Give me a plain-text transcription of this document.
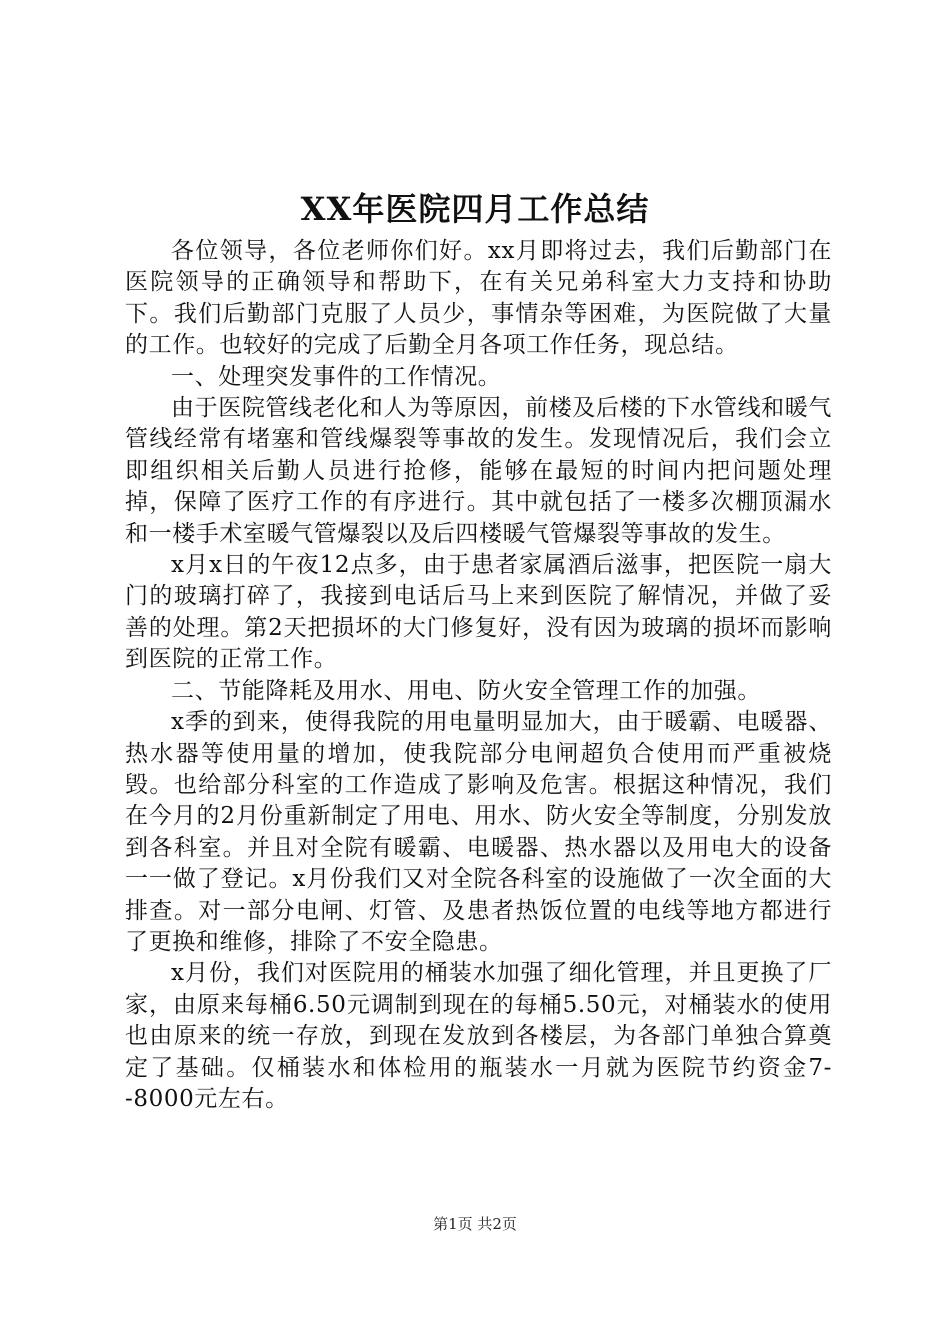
XX年医院四月工作总结

各位领导，各位老师你们好。xx月即将过去，我们后勤部门在医院领导的正确领导和帮助下，在有关兄弟科室大力支持和协助下。我们后勤部门克服了人员少，事情杂等困难，为医院做了大量的工作。也较好的完成了后勤全月各项工作任务，现总结。

一、处理突发事件的工作情况。

由于医院管线老化和人为等原因，前楼及后楼的下水管线和暖气管线经常有堵塞和管线爆裂等事故的发生。发现情况后，我们会立即组织相关后勤人员进行抢修，能够在最短的时间内把问题处理掉，保障了医疗工作的有序进行。其中就包括了一楼多次棚顶漏水和一楼手术室暖气管爆裂以及后四楼暖气管爆裂等事故的发生。

x月x日的午夜12点多，由于患者家属酒后滋事，把医院一扇大门的玻璃打碎了，我接到电话后马上来到医院了解情况，并做了妥善的处理。第2天把损坏的大门修复好，没有因为玻璃的损坏而影响到医院的正常工作。

二、节能降耗及用水、用电、防火安全管理工作的加强。

x季的到来，使得我院的用电量明显加大，由于暖霸、电暖器、热水器等使用量的增加，使我院部分电闸超负合使用而严重被烧毁。也给部分科室的工作造成了影响及危害。根据这种情况，我们在今月的2月份重新制定了用电、用水、防火安全等制度，分别发放到各科室。并且对全院有暖霸、电暖器、热水器以及用电大的设备一一做了登记。x月份我们又对全院各科室的设施做了一次全面的大排查。对一部分电闸、灯管、及患者热饭位置的电线等地方都进行了更换和维修，排除了不安全隐患。

x月份，我们对医院用的桶装水加强了细化管理，并且更换了厂家，由原来每桶6.50元调制到现在的每桶5.50元，对桶装水的使用也由原来的统一存放，到现在发放到各楼层，为各部门单独合算奠定了基础。仅桶装水和体检用的瓶装水一月就为医院节约资金7--8000元左右。

第1页 共2页
